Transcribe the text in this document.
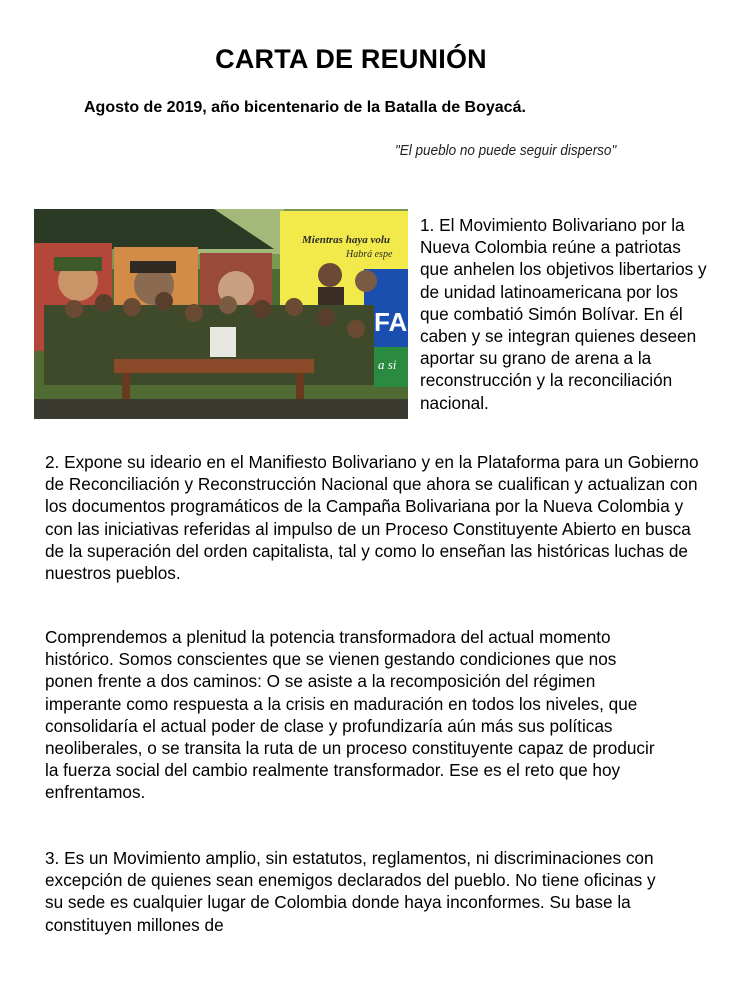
CARTA DE REUNIÓN
Agosto de 2019, año bicentenario de la Batalla de Boyacá.
"El pueblo no puede seguir disperso"
Mientras haya volu
Habrá espe
FA
a si

1. El Movimiento Bolivariano por la Nueva Colombia reúne a patriotas que anhelen los objetivos libertarios y de unidad latinoamericana por los que combatió Simón Bolívar. En él caben y se integran quienes deseen aportar su grano de arena a la reconstrucción y la reconciliación nacional.

2. Expone su ideario en el Manifiesto Bolivariano y en la Plataforma para un Gobierno de Reconciliación y Reconstrucción Nacional que ahora se cualifican y actualizan con los documentos programáticos de la Campaña Bolivariana por la Nueva Colombia y con las iniciativas referidas al impulso de un Proceso Constituyente Abierto en busca de la superación del orden capitalista, tal y como lo enseñan las históricas luchas de nuestros pueblos.

Comprendemos a plenitud la potencia transformadora del actual momento histórico. Somos conscientes que se vienen gestando condiciones que nos ponen frente a dos caminos: O se asiste a la recomposición del régimen imperante como respuesta a la crisis en maduración en todos los niveles, que consolidaría el actual poder de clase y profundizaría aún más sus políticas neoliberales, o se transita la ruta de un proceso constituyente capaz de producir la fuerza social del cambio realmente transformador. Ese es el reto que hoy enfrentamos.

3. Es un Movimiento amplio, sin estatutos, reglamentos, ni discriminaciones con excepción de quienes sean enemigos declarados del pueblo. No tiene oficinas y su sede es cualquier lugar de Colombia donde haya inconformes. Su base la constituyen millones de
